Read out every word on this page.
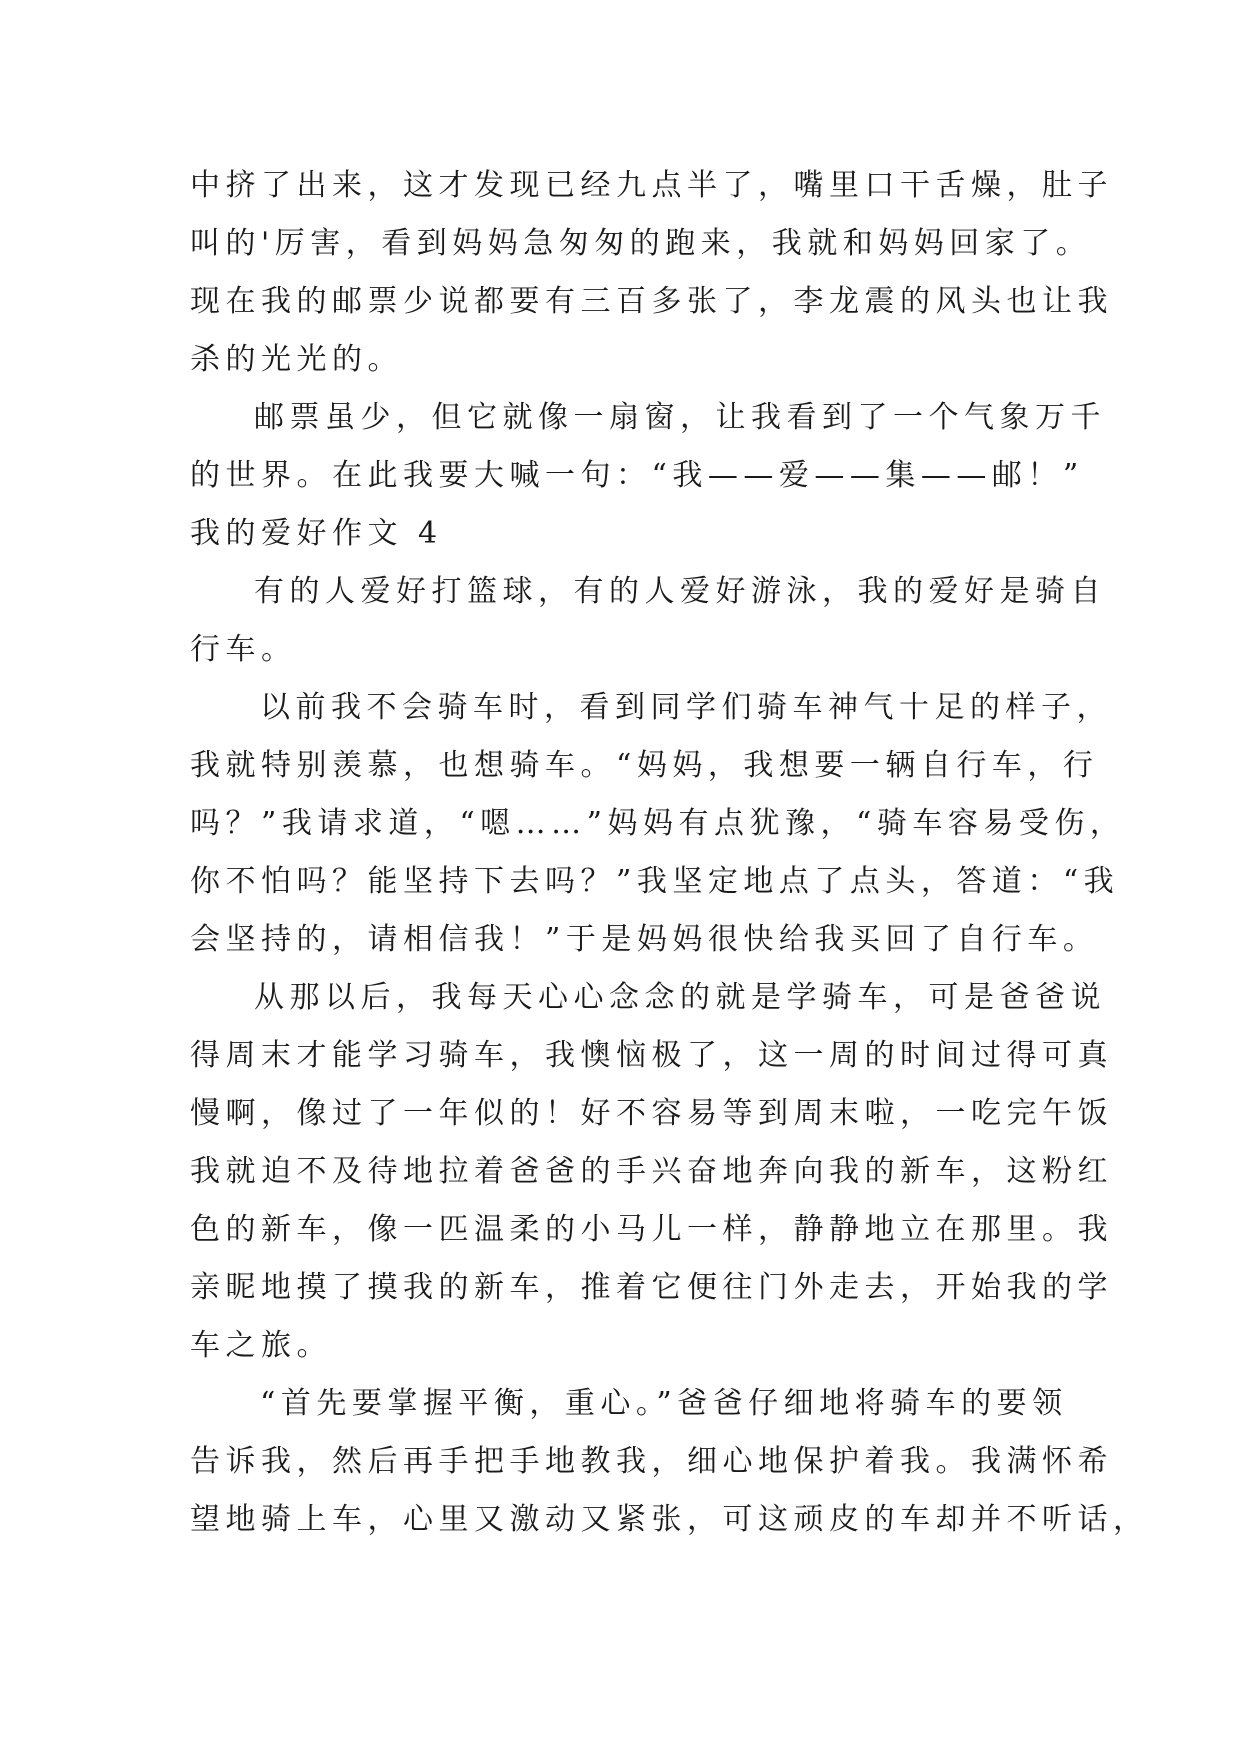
中挤了出来，这才发现已经九点半了，嘴里口干舌燥，肚子
叫的'厉害，看到妈妈急匆匆的跑来，我就和妈妈回家了。
现在我的邮票少说都要有三百多张了，李龙震的风头也让我
杀的光光的。
邮票虽少，但它就像一扇窗，让我看到了一个气象万千
的世界。在此我要大喊一句：“我——爱——集——邮！”
我的爱好作文 4
有的人爱好打篮球，有的人爱好游泳，我的爱好是骑自
行车。
以前我不会骑车时，看到同学们骑车神气十足的样子，
我就特别羡慕，也想骑车。“妈妈，我想要一辆自行车，行
吗？”我请求道，“嗯……”妈妈有点犹豫，“骑车容易受伤，
你不怕吗？能坚持下去吗？”我坚定地点了点头，答道：“我
会坚持的，请相信我！”于是妈妈很快给我买回了自行车。
从那以后，我每天心心念念的就是学骑车，可是爸爸说
得周末才能学习骑车，我懊恼极了，这一周的时间过得可真
慢啊，像过了一年似的！好不容易等到周末啦，一吃完午饭
我就迫不及待地拉着爸爸的手兴奋地奔向我的新车，这粉红
色的新车，像一匹温柔的小马儿一样，静静地立在那里。我
亲昵地摸了摸我的新车，推着它便往门外走去，开始我的学
车之旅。
“首先要掌握平衡，重心。”爸爸仔细地将骑车的要领
告诉我，然后再手把手地教我，细心地保护着我。我满怀希
望地骑上车，心里又激动又紧张，可这顽皮的车却并不听话，
